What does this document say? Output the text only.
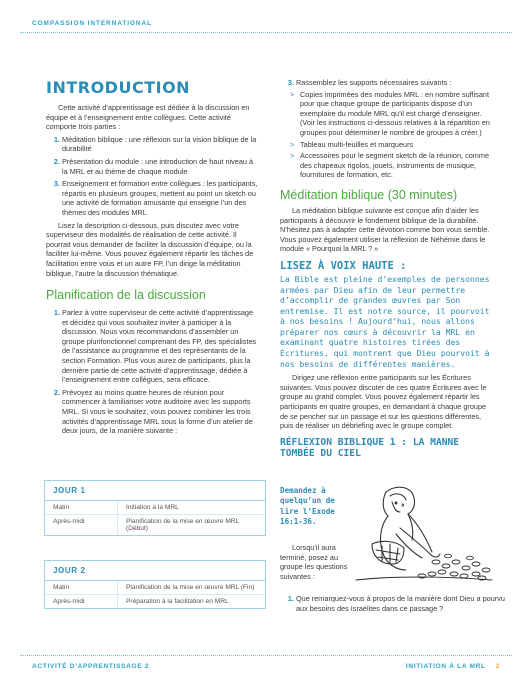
COMPASSION INTERNATIONAL
INTRODUCTION

Cette activité d’apprentissage est dédiée à la discussion en équipe et à l’enseignement entre collègues. Cette activité comporte trois parties :

1. Méditation biblique : une réflexion sur la vision biblique de la durabilité
2. Présentation du module : une introduction de haut niveau à la MRL et au thème de chaque module
3. Enseignement et formation entre collègues : les participants, répartis en plusieurs groupes, mettent au point un sketch ou une activité de formation amusante qui enseigne l’un des thèmes des modules MRL

Lisez la description ci-dessous, puis discutez avec votre superviseur des modalités de réalisation de cette activité. Il pourrait vous demander de faciliter la discussion d’équipe, ou la faciliter lui-même. Vous pouvez également répartir les tâches de facilitation entre vous et un autre FP, l’un dirige la méditation biblique, l’autre la discussion thématique.

Planification de la discussion
1. Parlez à votre superviseur de cette activité d’apprentissage et décidez qui vous souhaitez inviter à participer à la discussion. Nous vous recommandons d’assembler un groupe plurifonctionnel comprenant des FP, des spécialistes de l’assistance au programme et des représentants de la section Formation. Plus vous aurez de participants, plus la dernière partie de cette activité d’apprentissage, dédiée à l’enseignement entre collègues, sera efficace.
2. Prévoyez au moins quatre heures de réunion pour commencer à familiariser votre auditoire avec les supports MRL. Si vous le souhaitez, vous pouvez combiner les trois activités d’apprentissage MRL sous la forme d’un atelier de deux jours, de la manière suivante :
JOUR 1
Matin	Initiation à la MRL
Après-midi	Planification de la mise en œuvre MRL (Début)
JOUR 2
Matin	Planification de la mise en œuvre MRL (Fin)
Après-midi	Préparation à la facilitation en MRL
3. Rassemblez les supports nécessaires suivants :
> Copies imprimées des modules MRL : en nombre suffisant pour que chaque groupe de participants dispose d’un exemplaire du module MRL qu’il est chargé d’enseigner. (Voir les instructions ci-dessous relatives à la répartition en groupes pour déterminer le nombre de groupes à créer.)
> Tableau multi-feuilles et marqueurs
> Accessoires pour le segment sketch de la réunion, comme des chapeaux rigolos, jouets, instruments de musique, fournitures de formation, etc.
Méditation biblique (30 minutes)

La méditation biblique suivante est conçue afin d’aider les participants à découvrir le fondement biblique de la durabilité. N’hésitez pas à adapter cette dévotion comme bon vous semble. Vous pouvez également utiliser la réflexion de Néhémie dans le module « Pourquoi la MRL ? »

LISEZ À VOIX HAUTE :

La Bible est pleine d’exemples de personnes armées par Dieu afin de leur permettre d’accomplir de grandes œuvres par Son entremise. Il est notre source, il pourvoit à nos besoins ! Aujourd’hui, nous allons préparer nos cœurs à découvrir la MRL en examinant quatre histoires tirées des Écritures, qui montrent que Dieu pourvoit à nos besoins de différentes manières.

Dirigez une réflexion entre participants sur les Écritures suivantes. Vous pouvez discuter de ces quatre Écritures avec le groupe au grand complet. Vous pouvez également répartir les participants en quatre groupes, en demandant à chaque groupe de se pencher sur un passage et sur les questions différentes, puis de réaliser un débriefing avec le groupe complet.

RÉFLEXION BIBLIQUE 1 : LA MANNE TOMBÉE DU CIEL
Demandez à quelqu’un de lire l’Exode 16:1-36.

Lorsqu’il aura terminé, posez au groupe les questions suivantes :

1. Que remarquez-vous à propos de la manière dont Dieu a pourvu aux besoins des Israélites dans ce passage ?
ACTIVITÉ D’APPRENTISSAGE 2	INITIATION À LA MRL 2
